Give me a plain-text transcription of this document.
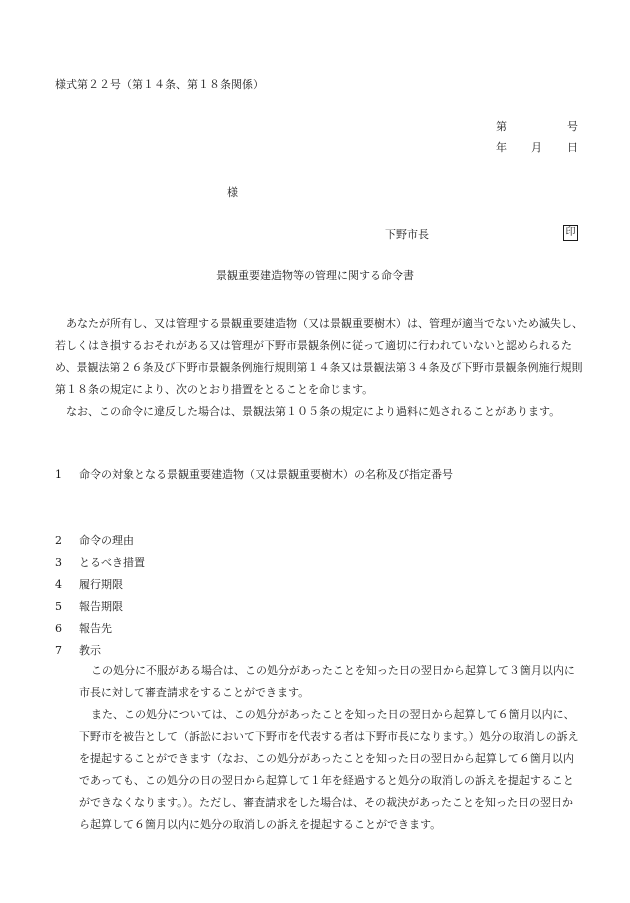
様式第２２号（第１４条、第１８条関係）
第	号
年 月 日
様
下野市長	印
景観重要建造物等の管理に関する命令書
あなたが所有し、又は管理する景観重要建造物（又は景観重要樹木）は、管理が適当でないため滅失し、若しくはき損するおそれがある又は管理が下野市景観条例に従って適切に行われていないと認められるため、景観法第２６条及び下野市景観条例施行規則第１４条又は景観法第３４条及び下野市景観条例施行規則第１８条の規定により、次のとおり措置をとることを命じます。
なお、この命令に違反した場合は、景観法第１０５条の規定により過料に処されることがあります。
1 命令の対象となる景観重要建造物（又は景観重要樹木）の名称及び指定番号
2 命令の理由
3 とるべき措置
4 履行期限
5 報告期限
6 報告先
7 教示
この処分に不服がある場合は、この処分があったことを知った日の翌日から起算して３箇月以内に市長に対して審査請求をすることができます。
また、この処分については、この処分があったことを知った日の翌日から起算して６箇月以内に、下野市を被告として（訴訟において下野市を代表する者は下野市長になります。）処分の取消しの訴えを提起することができます（なお、この処分があったことを知った日の翌日から起算して６箇月以内であっても、この処分の日の翌日から起算して１年を経過すると処分の取消しの訴えを提起することができなくなります。）。ただし、審査請求をした場合は、その裁決があったことを知った日の翌日から起算して６箇月以内に処分の取消しの訴えを提起することができます。
